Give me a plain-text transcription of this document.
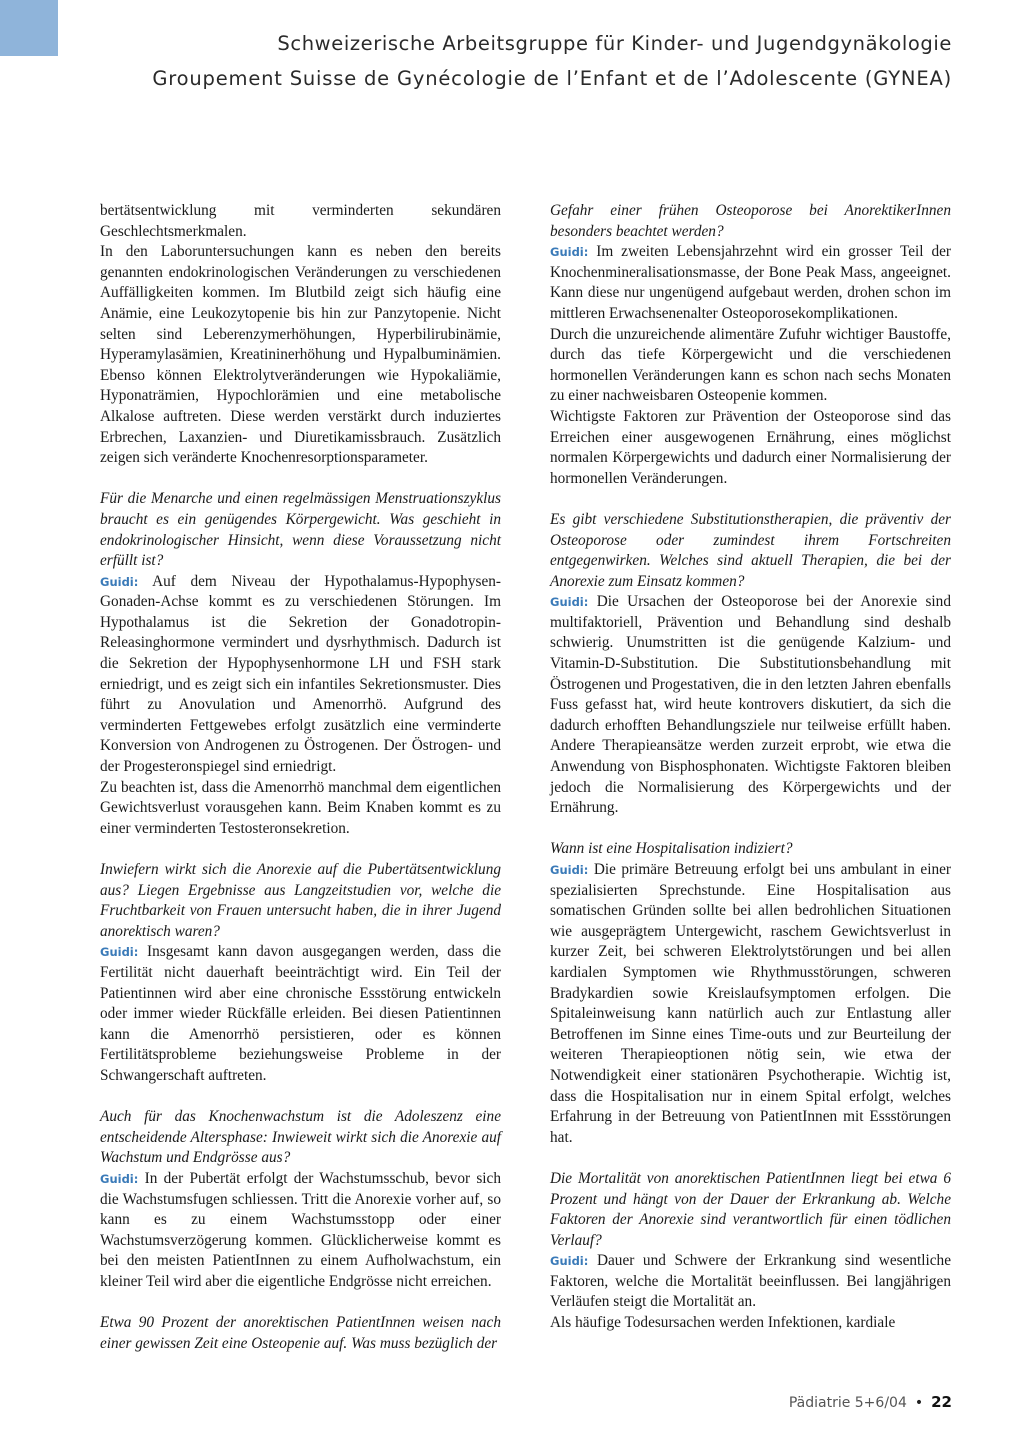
Schweizerische Arbeitsgruppe für Kinder- und Jugendgynäkologie
Groupement Suisse de Gynécologie de l’Enfant et de l’Adolescente (GYNEA)

bertätsentwicklung mit verminderten sekundären Geschlechtsmerkmalen.

In den Laboruntersuchungen kann es neben den bereits genannten endokrinologischen Veränderungen zu verschiedenen Auffälligkeiten kommen. Im Blutbild zeigt sich häufig eine Anämie, eine Leukozytopenie bis hin zur Panzytopenie. Nicht selten sind Leberenzymerhöhungen, Hyperbilirubinämie, Hyperamylasämien, Kreatininerhöhung und Hypalbuminämien. Ebenso können Elektrolytveränderungen wie Hypokaliämie, Hyponaträmien, Hypochlorämien und eine metabolische Alkalose auftreten. Diese werden verstärkt durch induziertes Erbrechen, Laxanzien- und Diuretikamissbrauch. Zusätzlich zeigen sich veränderte Knochenresorptionsparameter.

Für die Menarche und einen regelmässigen Menstruationszyklus braucht es ein genügendes Körpergewicht. Was geschieht in endokrinologischer Hinsicht, wenn diese Voraussetzung nicht erfüllt ist?

Guidi: Auf dem Niveau der Hypothalamus-Hypophysen-Gonaden-Achse kommt es zu verschiedenen Störungen. Im Hypothalamus ist die Sekretion der Gonadotropin-Releasinghormone vermindert und dysrhythmisch. Dadurch ist die Sekretion der Hypophysenhormone LH und FSH stark erniedrigt, und es zeigt sich ein infantiles Sekretionsmuster. Dies führt zu Anovulation und Amenorrhö. Aufgrund des verminderten Fettgewebes erfolgt zusätzlich eine verminderte Konversion von Androgenen zu Östrogenen. Der Östrogen- und der Progesteronspiegel sind erniedrigt.

Zu beachten ist, dass die Amenorrhö manchmal dem eigentlichen Gewichtsverlust vorausgehen kann. Beim Knaben kommt es zu einer verminderten Testosteronsekretion.

Inwiefern wirkt sich die Anorexie auf die Pubertätsentwicklung aus? Liegen Ergebnisse aus Langzeitstudien vor, welche die Fruchtbarkeit von Frauen untersucht haben, die in ihrer Jugend anorektisch waren?

Guidi: Insgesamt kann davon ausgegangen werden, dass die Fertilität nicht dauerhaft beeinträchtigt wird. Ein Teil der Patientinnen wird aber eine chronische Essstörung entwickeln oder immer wieder Rückfälle erleiden. Bei diesen Patientinnen kann die Amenorrhö persistieren, oder es können Fertilitätsprobleme beziehungsweise Probleme in der Schwangerschaft auftreten.

Auch für das Knochenwachstum ist die Adoleszenz eine entscheidende Altersphase: Inwieweit wirkt sich die Anorexie auf Wachstum und Endgrösse aus?

Guidi: In der Pubertät erfolgt der Wachstumsschub, bevor sich die Wachstumsfugen schliessen. Tritt die Anorexie vorher auf, so kann es zu einem Wachstumsstopp oder einer Wachstumsverzögerung kommen. Glücklicherweise kommt es bei den meisten PatientInnen zu einem Aufholwachstum, ein kleiner Teil wird aber die eigentliche Endgrösse nicht erreichen.

Etwa 90 Prozent der anorektischen PatientInnen weisen nach einer gewissen Zeit eine Osteopenie auf. Was muss bezüglich der

Gefahr einer frühen Osteoporose bei AnorektikerInnen besonders beachtet werden?

Guidi: Im zweiten Lebensjahrzehnt wird ein grosser Teil der Knochenmineralisationsmasse, der Bone Peak Mass, angeeignet. Kann diese nur ungenügend aufgebaut werden, drohen schon im mittleren Erwachsenenalter Osteoporosekomplikationen.

Durch die unzureichende alimentäre Zufuhr wichtiger Baustoffe, durch das tiefe Körpergewicht und die verschiedenen hormonellen Veränderungen kann es schon nach sechs Monaten zu einer nachweisbaren Osteopenie kommen.

Wichtigste Faktoren zur Prävention der Osteoporose sind das Erreichen einer ausgewogenen Ernährung, eines möglichst normalen Körpergewichts und dadurch einer Normalisierung der hormonellen Veränderungen.

Es gibt verschiedene Substitutionstherapien, die präventiv der Osteoporose oder zumindest ihrem Fortschreiten entgegenwirken. Welches sind aktuell Therapien, die bei der Anorexie zum Einsatz kommen?

Guidi: Die Ursachen der Osteoporose bei der Anorexie sind multifaktoriell, Prävention und Behandlung sind deshalb schwierig. Unumstritten ist die genügende Kalzium- und Vitamin-D-Substitution. Die Substitutionsbehandlung mit Östrogenen und Progestativen, die in den letzten Jahren ebenfalls Fuss gefasst hat, wird heute kontrovers diskutiert, da sich die dadurch erhofften Behandlungsziele nur teilweise erfüllt haben. Andere Therapieansätze werden zurzeit erprobt, wie etwa die Anwendung von Bisphosphonaten. Wichtigste Faktoren bleiben jedoch die Normalisierung des Körpergewichts und der Ernährung.

Wann ist eine Hospitalisation indiziert?

Guidi: Die primäre Betreuung erfolgt bei uns ambulant in einer spezialisierten Sprechstunde. Eine Hospitalisation aus somatischen Gründen sollte bei allen bedrohlichen Situationen wie ausgeprägtem Untergewicht, raschem Gewichtsverlust in kurzer Zeit, bei schweren Elektrolytstörungen und bei allen kardialen Symptomen wie Rhythmusstörungen, schweren Bradykardien sowie Kreislaufsymptomen erfolgen. Die Spitaleinweisung kann natürlich auch zur Entlastung aller Betroffenen im Sinne eines Time-outs und zur Beurteilung der weiteren Therapieoptionen nötig sein, wie etwa der Notwendigkeit einer stationären Psychotherapie. Wichtig ist, dass die Hospitalisation nur in einem Spital erfolgt, welches Erfahrung in der Betreuung von PatientInnen mit Essstörungen hat.

Die Mortalität von anorektischen PatientInnen liegt bei etwa 6 Prozent und hängt von der Dauer der Erkrankung ab. Welche Faktoren der Anorexie sind verantwortlich für einen tödlichen Verlauf?

Guidi: Dauer und Schwere der Erkrankung sind wesentliche Faktoren, welche die Mortalität beeinflussen. Bei langjährigen Verläufen steigt die Mortalität an.

Als häufige Todesursachen werden Infektionen, kardiale

Pädiatrie 5+6/04 • 22
